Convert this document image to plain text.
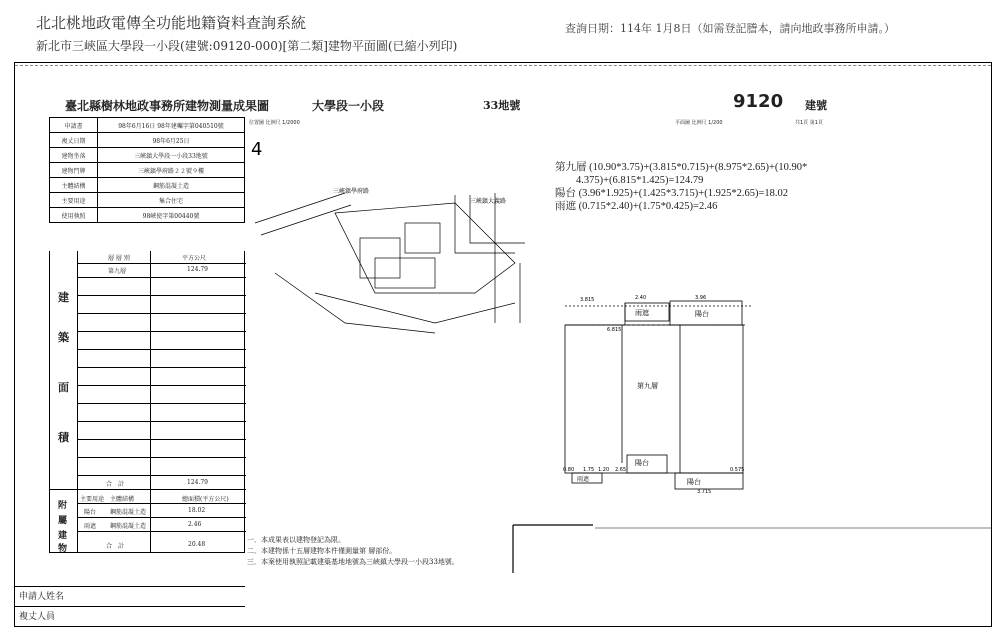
北北桃地政電傳全功能地籍資料查詢系統
新北市三峽區大學段一小段(建號:09120-000)[第二類]建物平面圖(已縮小列印)
查詢日期：114年 1月8日（如需登記謄本，請向地政事務所申請。）
臺北縣樹林地政事務所建物測量成果圖	大學段一小段	33地號	9120 建號
位置圖 比例尺 1/2000	平面圖 比例尺 1/200	共1頁 第1頁
申請書	98年6月16日 98年建囑字第040510號
複丈日期	98年6月25日
建物坐落	三峽鎮大學段一小段33地號
建物門牌	三峽鎮學府路２２號９樓
主體結構	鋼筋混凝土造
主要用途	集合住宅
使用執照	98峽使字第00440號
層 層 別	平方公尺
第九層	124.79
建
築
面
積
合　計	124.79
主要用途 主體結構	總面積(平方公尺)
陽台 鋼筋混凝土造	18.02
雨遮 鋼筋混凝土造	2.46
合　計	20.48
附
屬
建
物
申請人姓名
複丈人員
一．本成果表以建物登記為限。
二．本建物係十五層建物本件僅測量第 層部份。
三．本案使用執照記載建築基地地號為三峽鎮大學段一小段33地號。
第九層 (10.90*3.75)+(3.815*0.715)+(8.975*2.65)+(10.90*
　　4.375)+(6.815*1.425)=124.79
陽台 (3.96*1.925)+(1.425*3.715)+(1.925*2.65)=18.02
雨遮 (0.715*2.40)+(1.75*0.425)=2.46
4
三峽鎮學府路
三峽鎮大義路
雨遮	陽台
第九層
陽台
陽台
雨遮
3.815	2.40	3.96
6.815
0.80 1.75 1.20 2.65	0.575
3.715
